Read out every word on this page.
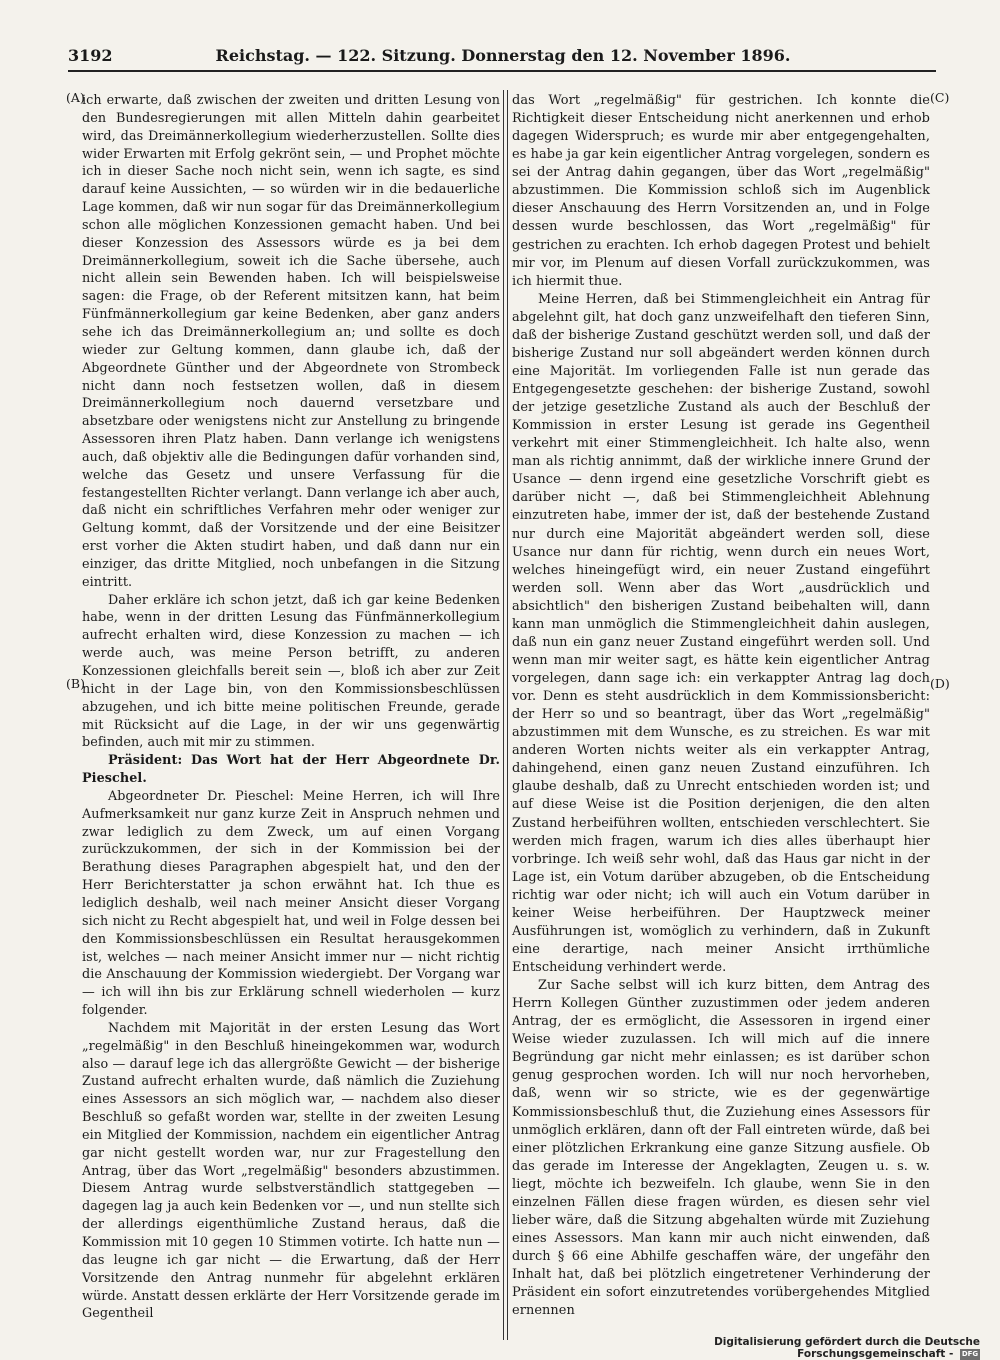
3192	Reichstag. — 122. Sitzung. Donnerstag den 12. November 1896.
(A)
(B)
(C)
(D)

ich erwarte, daß zwischen der zweiten und dritten Lesung von den Bundesregierungen mit allen Mitteln dahin gearbeitet wird, das Dreimännerkollegium wiederherzustellen. Sollte dies wider Erwarten mit Erfolg gekrönt sein, — und Prophet möchte ich in dieser Sache noch nicht sein, wenn ich sagte, es sind darauf keine Aussichten, — so würden wir in die bedauerliche Lage kommen, daß wir nun sogar für das Dreimännerkollegium schon alle möglichen Konzessionen gemacht haben. Und bei dieser Konzession des Assessors würde es ja bei dem Dreimännerkollegium, soweit ich die Sache übersehe, auch nicht allein sein Bewenden haben. Ich will beispielsweise sagen: die Frage, ob der Referent mitsitzen kann, hat beim Fünfmännerkollegium gar keine Bedenken, aber ganz anders sehe ich das Dreimännerkollegium an; und sollte es doch wieder zur Geltung kommen, dann glaube ich, daß der Abgeordnete Günther und der Abgeordnete von Strombeck nicht dann noch festsetzen wollen, daß in diesem Dreimännerkollegium noch dauernd versetzbare und absetzbare oder wenigstens nicht zur Anstellung zu bringende Assessoren ihren Platz haben. Dann verlange ich wenigstens auch, daß objektiv alle die Bedingungen dafür vorhanden sind, welche das Gesetz und unsere Verfassung für die festangestellten Richter verlangt. Dann verlange ich aber auch, daß nicht ein schriftliches Verfahren mehr oder weniger zur Geltung kommt, daß der Vorsitzende und der eine Beisitzer erst vorher die Akten studirt haben, und daß dann nur ein einziger, das dritte Mitglied, noch unbefangen in die Sitzung eintritt.

Daher erkläre ich schon jetzt, daß ich gar keine Bedenken habe, wenn in der dritten Lesung das Fünfmännerkollegium aufrecht erhalten wird, diese Konzession zu machen — ich werde auch, was meine Person betrifft, zu anderen Konzessionen gleichfalls bereit sein —, bloß ich aber zur Zeit nicht in der Lage bin, von den Kommissionsbeschlüssen abzugehen, und ich bitte meine politischen Freunde, gerade mit Rücksicht auf die Lage, in der wir uns gegenwärtig befinden, auch mit mir zu stimmen.

Präsident: Das Wort hat der Herr Abgeordnete Dr. Pieschel.

Abgeordneter Dr. Pieschel: Meine Herren, ich will Ihre Aufmerksamkeit nur ganz kurze Zeit in Anspruch nehmen und zwar lediglich zu dem Zweck, um auf einen Vorgang zurückzukommen, der sich in der Kommission bei der Berathung dieses Paragraphen abgespielt hat, und den der Herr Berichterstatter ja schon erwähnt hat. Ich thue es lediglich deshalb, weil nach meiner Ansicht dieser Vorgang sich nicht zu Recht abgespielt hat, und weil in Folge dessen bei den Kommissionsbeschlüssen ein Resultat herausgekommen ist, welches — nach meiner Ansicht immer nur — nicht richtig die Anschauung der Kommission wiedergiebt. Der Vorgang war — ich will ihn bis zur Erklärung schnell wiederholen — kurz folgender.

Nachdem mit Majorität in der ersten Lesung das Wort „regelmäßig" in den Beschluß hineingekommen war, wodurch also — darauf lege ich das allergrößte Gewicht — der bisherige Zustand aufrecht erhalten wurde, daß nämlich die Zuziehung eines Assessors an sich möglich war, — nachdem also dieser Beschluß so gefaßt worden war, stellte in der zweiten Lesung ein Mitglied der Kommission, nachdem ein eigentlicher Antrag gar nicht gestellt worden war, nur zur Fragestellung den Antrag, über das Wort „regelmäßig" besonders abzustimmen. Diesem Antrag wurde selbstverständlich stattgegeben — dagegen lag ja auch kein Bedenken vor —, und nun stellte sich der allerdings eigenthümliche Zustand heraus, daß die Kommission mit 10 gegen 10 Stimmen votirte. Ich hatte nun — das leugne ich gar nicht — die Erwartung, daß der Herr Vorsitzende den Antrag nunmehr für abgelehnt erklären würde. Anstatt dessen erklärte der Herr Vorsitzende gerade im Gegentheil

das Wort „regelmäßig" für gestrichen. Ich konnte die Richtigkeit dieser Entscheidung nicht anerkennen und erhob dagegen Widerspruch; es wurde mir aber entgegengehalten, es habe ja gar kein eigentlicher Antrag vorgelegen, sondern es sei der Antrag dahin gegangen, über das Wort „regelmäßig" abzustimmen. Die Kommission schloß sich im Augenblick dieser Anschauung des Herrn Vorsitzenden an, und in Folge dessen wurde beschlossen, das Wort „regelmäßig" für gestrichen zu erachten. Ich erhob dagegen Protest und behielt mir vor, im Plenum auf diesen Vorfall zurückzukommen, was ich hiermit thue.

Meine Herren, daß bei Stimmengleichheit ein Antrag für abgelehnt gilt, hat doch ganz unzweifelhaft den tieferen Sinn, daß der bisherige Zustand geschützt werden soll, und daß der bisherige Zustand nur soll abgeändert werden können durch eine Majorität. Im vorliegenden Falle ist nun gerade das Entgegengesetzte geschehen: der bisherige Zustand, sowohl der jetzige gesetzliche Zustand als auch der Beschluß der Kommission in erster Lesung ist gerade ins Gegentheil verkehrt mit einer Stimmengleichheit. Ich halte also, wenn man als richtig annimmt, daß der wirkliche innere Grund der Usance — denn irgend eine gesetzliche Vorschrift giebt es darüber nicht —, daß bei Stimmengleichheit Ablehnung einzutreten habe, immer der ist, daß der bestehende Zustand nur durch eine Majorität abgeändert werden soll, diese Usance nur dann für richtig, wenn durch ein neues Wort, welches hineingefügt wird, ein neuer Zustand eingeführt werden soll. Wenn aber das Wort „ausdrücklich und absichtlich" den bisherigen Zustand beibehalten will, dann kann man unmöglich die Stimmengleichheit dahin auslegen, daß nun ein ganz neuer Zustand eingeführt werden soll. Und wenn man mir weiter sagt, es hätte kein eigentlicher Antrag vorgelegen, dann sage ich: ein verkappter Antrag lag doch vor. Denn es steht ausdrücklich in dem Kommissionsbericht: der Herr so und so beantragt, über das Wort „regelmäßig" abzustimmen mit dem Wunsche, es zu streichen. Es war mit anderen Worten nichts weiter als ein verkappter Antrag, dahingehend, einen ganz neuen Zustand einzuführen. Ich glaube deshalb, daß zu Unrecht entschieden worden ist; und auf diese Weise ist die Position derjenigen, die den alten Zustand herbeiführen wollten, entschieden verschlechtert. Sie werden mich fragen, warum ich dies alles überhaupt hier vorbringe. Ich weiß sehr wohl, daß das Haus gar nicht in der Lage ist, ein Votum darüber abzugeben, ob die Entscheidung richtig war oder nicht; ich will auch ein Votum darüber in keiner Weise herbeiführen. Der Hauptzweck meiner Ausführungen ist, womöglich zu verhindern, daß in Zukunft eine derartige, nach meiner Ansicht irrthümliche Entscheidung verhindert werde.

Zur Sache selbst will ich kurz bitten, dem Antrag des Herrn Kollegen Günther zuzustimmen oder jedem anderen Antrag, der es ermöglicht, die Assessoren in irgend einer Weise wieder zuzulassen. Ich will mich auf die innere Begründung gar nicht mehr einlassen; es ist darüber schon genug gesprochen worden. Ich will nur noch hervorheben, daß, wenn wir so stricte, wie es der gegenwärtige Kommissionsbeschluß thut, die Zuziehung eines Assessors für unmöglich erklären, dann oft der Fall eintreten würde, daß bei einer plötzlichen Erkrankung eine ganze Sitzung ausfiele. Ob das gerade im Interesse der Angeklagten, Zeugen u. s. w. liegt, möchte ich bezweifeln. Ich glaube, wenn Sie in den einzelnen Fällen diese fragen würden, es diesen sehr viel lieber wäre, daß die Sitzung abgehalten würde mit Zuziehung eines Assessors. Man kann mir auch nicht einwenden, daß durch § 66 eine Abhilfe geschaffen wäre, der ungefähr den Inhalt hat, daß bei plötzlich eingetretener Verhinderung der Präsident ein sofort einzutretendes vorübergehendes Mitglied ernennen

Digitalisierung gefördert durch die Deutsche Forschungsgemeinschaft - DFG
